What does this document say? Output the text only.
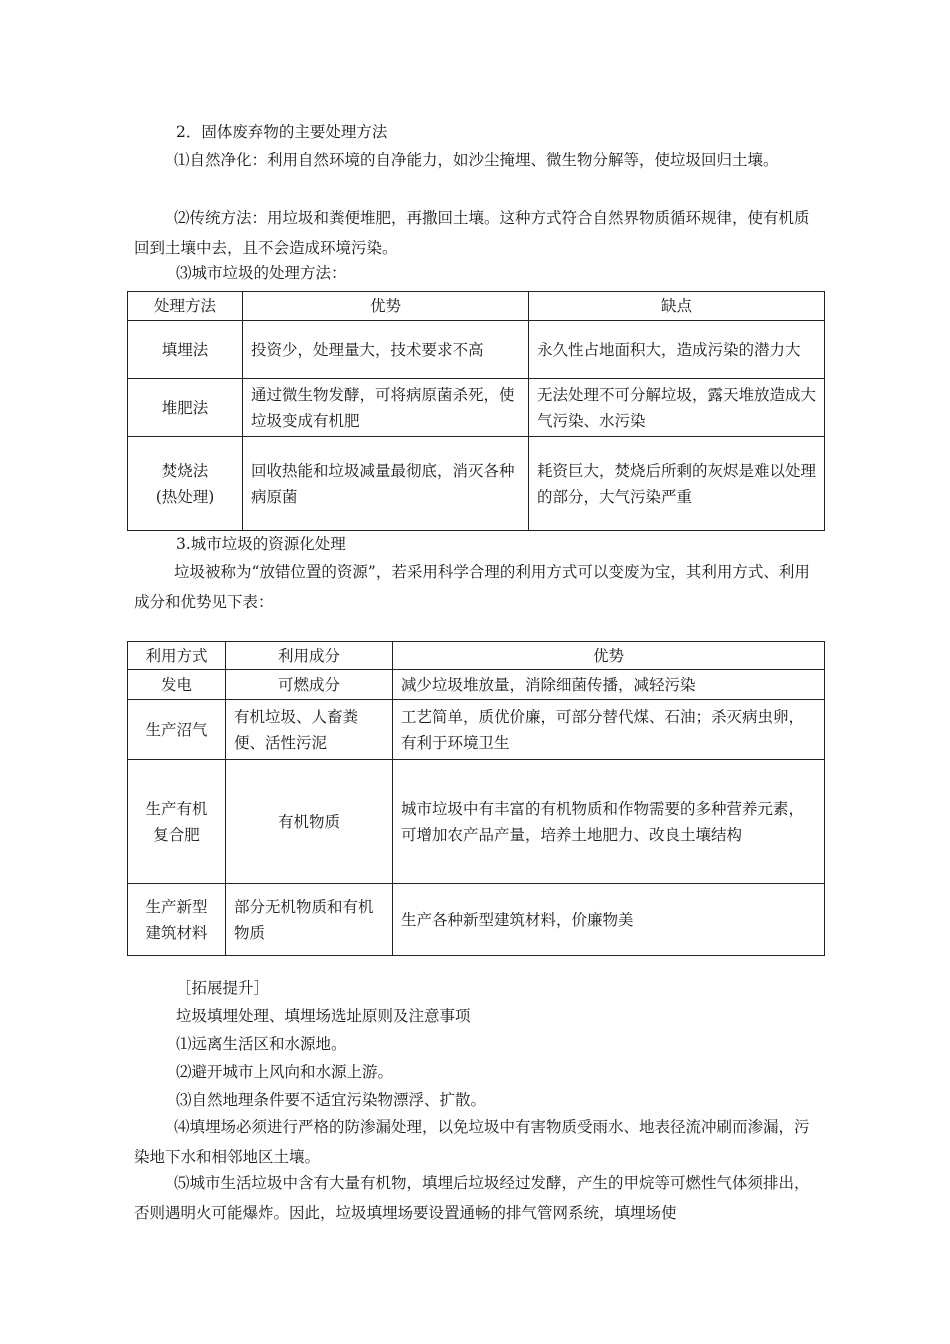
2．固体废弃物的主要处理方法

⑴自然净化：利用自然环境的自净能力，如沙尘掩埋、微生物分解等，使垃圾回归土壤。

⑵传统方法：用垃圾和粪便堆肥，再撒回土壤。这种方式符合自然界物质循环规律，使有机质回到土壤中去，且不会造成环境污染。

⑶城市垃圾的处理方法：

处理方法	优势	缺点
填埋法	投资少，处理量大，技术要求不高	永久性占地面积大，造成污染的潜力大
堆肥法	通过微生物发酵，可将病原菌杀死，使垃圾变成有机肥	无法处理不可分解垃圾，露天堆放造成大气污染、水污染

焚烧法
(热处理)	回收热能和垃圾减量最彻底，消灭各种病原菌	耗资巨大，焚烧后所剩的灰烬是难以处理的部分，大气污染严重

3.城市垃圾的资源化处理

垃圾被称为“放错位置的资源”，若采用科学合理的利用方式可以变废为宝，其利用方式、利用成分和优势见下表：

利用方式	利用成分	优势
发电	可燃成分	减少垃圾堆放量，消除细菌传播，减轻污染
生产沼气	有机垃圾、人畜粪便、活性污泥	工艺简单，质优价廉，可部分替代煤、石油；杀灭病虫卵，有利于环境卫生
生产有机复合肥	有机物质	城市垃圾中有丰富的有机物质和作物需要的多种营养元素，可增加农产品产量，培养土地肥力、改良土壤结构
生产新型建筑材料	部分无机物质和有机物质	生产各种新型建筑材料，价廉物美

［拓展提升］

垃圾填埋处理、填埋场选址原则及注意事项

⑴远离生活区和水源地。

⑵避开城市上风向和水源上游。

⑶自然地理条件要不适宜污染物漂浮、扩散。

⑷填埋场必须进行严格的防渗漏处理，以免垃圾中有害物质受雨水、地表径流冲刷而渗漏，污染地下水和相邻地区土壤。

⑸城市生活垃圾中含有大量有机物，填埋后垃圾经过发酵，产生的甲烷等可燃性气体须排出，否则遇明火可能爆炸。因此，垃圾填埋场要设置通畅的排气管网系统，填埋场使
